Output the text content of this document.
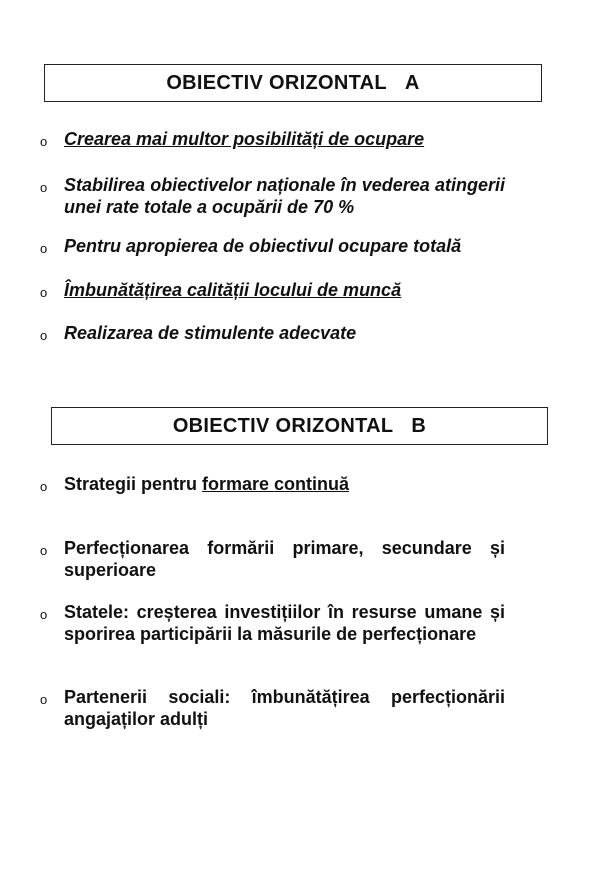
OBIECTIV ORIZONTAL A
o Crearea mai multor posibilități de ocupare
o Stabilirea obiectivelor naționale în vederea atingerii unei rate totale a ocupării de 70 %
o Pentru apropierea de obiectivul ocupare totală
o Îmbunătățirea calității locului de muncă
o Realizarea de stimulente adecvate
OBIECTIV ORIZONTAL B
o Strategii pentru formare continuă
o Perfecționarea formării primare, secundare și superioare
o Statele: creșterea investițiilor în resurse umane și sporirea participării la măsurile de perfecționare
o Partenerii sociali: îmbunătățirea perfecționării angajaților adulți
